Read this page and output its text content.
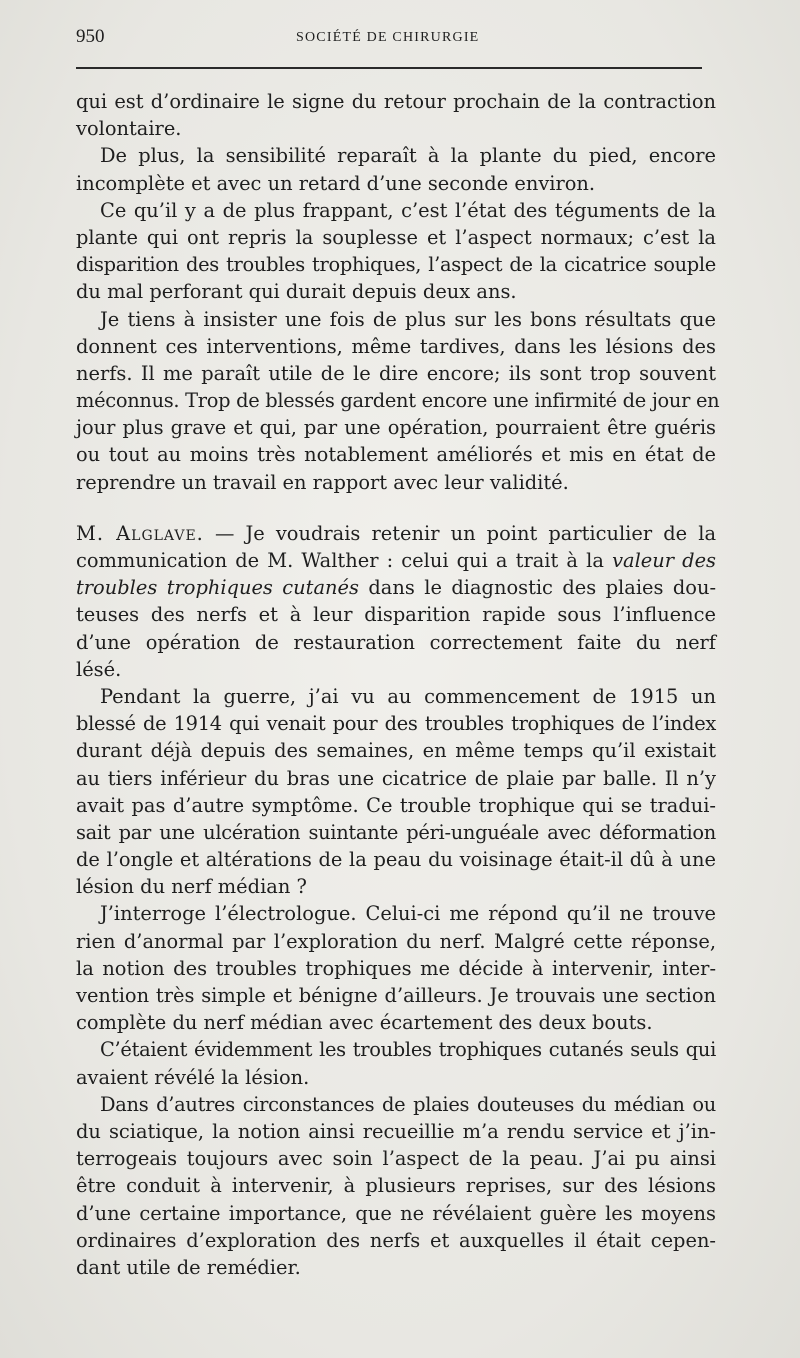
950	SOCIÉTÉ DE CHIRURGIE
qui est d’ordinaire le signe du retour prochain de la contraction
volontaire.
De plus, la sensibilité reparaît à la plante du pied, encore
incomplète et avec un retard d’une seconde environ.
Ce qu’il y a de plus frappant, c’est l’état des téguments de la
plante qui ont repris la souplesse et l’aspect normaux; c’est la
disparition des troubles trophiques, l’aspect de la cicatrice souple
du mal perforant qui durait depuis deux ans.
Je tiens à insister une fois de plus sur les bons résultats que
donnent ces interventions, même tardives, dans les lésions des
nerfs. Il me paraît utile de le dire encore; ils sont trop souvent
méconnus. Trop de blessés gardent encore une infirmité de jour en
jour plus grave et qui, par une opération, pourraient être guéris
ou tout au moins très notablement améliorés et mis en état de
reprendre un travail en rapport avec leur validité.
M. Alglave. — Je voudrais retenir un point particulier de la
communication de M. Walther : celui qui a trait à la valeur des
troubles trophiques cutanés dans le diagnostic des plaies dou-
teuses des nerfs et à leur disparition rapide sous l’influence
d’une opération de restauration correctement faite du nerf
lésé.
Pendant la guerre, j’ai vu au commencement de 1915 un
blessé de 1914 qui venait pour des troubles trophiques de l’index
durant déjà depuis des semaines, en même temps qu’il existait
au tiers inférieur du bras une cicatrice de plaie par balle. Il n’y
avait pas d’autre symptôme. Ce trouble trophique qui se tradui-
sait par une ulcération suintante péri-unguéale avec déformation
de l’ongle et altérations de la peau du voisinage était-il dû à une
lésion du nerf médian ?
J’interroge l’électrologue. Celui-ci me répond qu’il ne trouve
rien d’anormal par l’exploration du nerf. Malgré cette réponse,
la notion des troubles trophiques me décide à intervenir, inter-
vention très simple et bénigne d’ailleurs. Je trouvais une section
complète du nerf médian avec écartement des deux bouts.
C’étaient évidemment les troubles trophiques cutanés seuls qui
avaient révélé la lésion.
Dans d’autres circonstances de plaies douteuses du médian ou
du sciatique, la notion ainsi recueillie m’a rendu service et j’in-
terrogeais toujours avec soin l’aspect de la peau. J’ai pu ainsi
être conduit à intervenir, à plusieurs reprises, sur des lésions
d’une certaine importance, que ne révélaient guère les moyens
ordinaires d’exploration des nerfs et auxquelles il était cepen-
dant utile de remédier.
